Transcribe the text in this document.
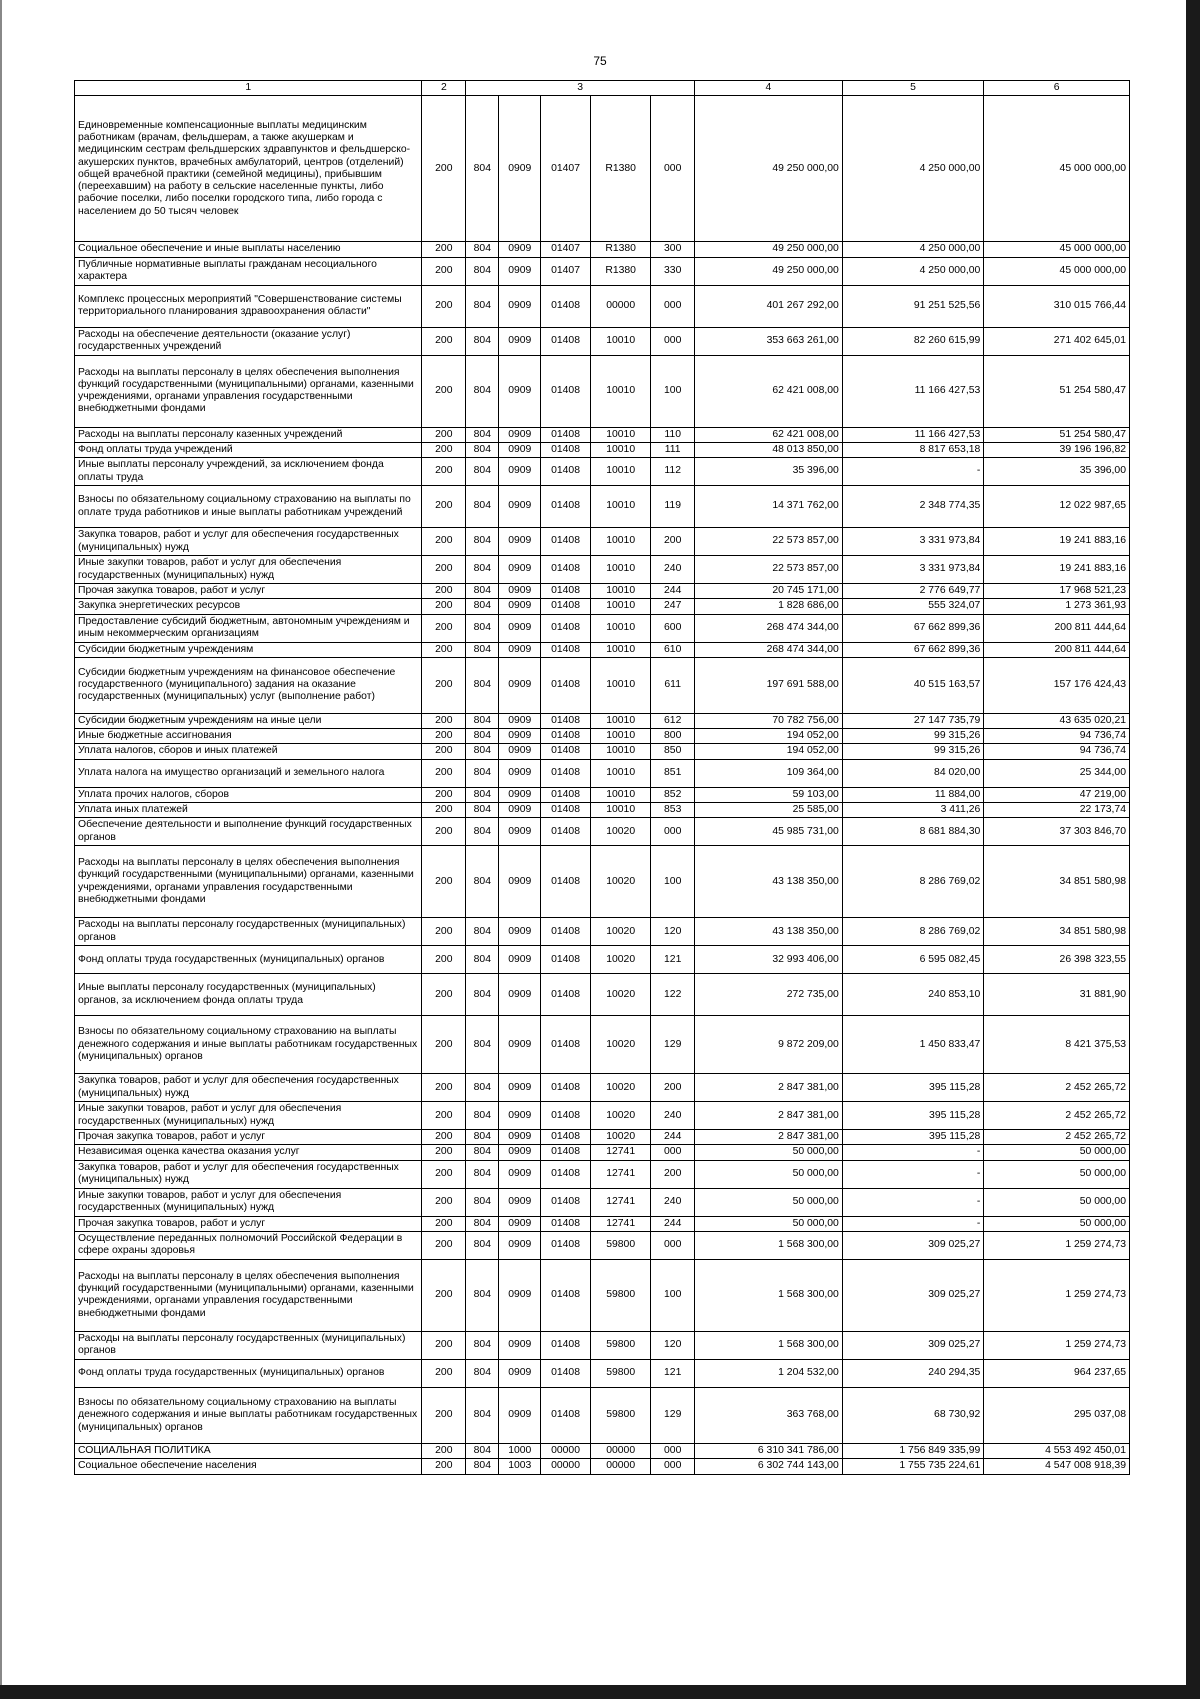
75
1	2	3					4	5	6
Единовременные компенсационные выплаты медицинским работникам (врачам, фельдшерам, а также акушеркам и медицинским сестрам фельдшерских здравпунктов и фельдшерско-акушерских пунктов, врачебных амбулаторий, центров (отделений) общей врачебной практики (семейной медицины), прибывшим (переехавшим) на работу в сельские населенные пункты, либо рабочие поселки, либо поселки городского типа, либо города с населением до 50 тысяч человек	200	804	0909	01407	R1380	000	49 250 000,00	4 250 000,00	45 000 000,00
Социальное обеспечение и иные выплаты населению	200	804	0909	01407	R1380	300	49 250 000,00	4 250 000,00	45 000 000,00
Публичные нормативные выплаты гражданам несоциального характера	200	804	0909	01407	R1380	330	49 250 000,00	4 250 000,00	45 000 000,00
Комплекс процессных мероприятий "Совершенствование системы территориального планирования здравоохранения области"	200	804	0909	01408	00000	000	401 267 292,00	91 251 525,56	310 015 766,44
Расходы на обеспечение деятельности (оказание услуг) государственных учреждений	200	804	0909	01408	10010	000	353 663 261,00	82 260 615,99	271 402 645,01
Расходы на выплаты персоналу в целях обеспечения выполнения функций государственными (муниципальными) органами, казенными учреждениями, органами управления государственными внебюджетными фондами	200	804	0909	01408	10010	100	62 421 008,00	11 166 427,53	51 254 580,47
Расходы на выплаты персоналу казенных учреждений	200	804	0909	01408	10010	110	62 421 008,00	11 166 427,53	51 254 580,47
Фонд оплаты труда учреждений	200	804	0909	01408	10010	111	48 013 850,00	8 817 653,18	39 196 196,82
Иные выплаты персоналу учреждений, за исключением фонда оплаты труда	200	804	0909	01408	10010	112	35 396,00	-	35 396,00
Взносы по обязательному социальному страхованию на выплаты по оплате труда работников и иные выплаты работникам учреждений	200	804	0909	01408	10010	119	14 371 762,00	2 348 774,35	12 022 987,65
Закупка товаров, работ и услуг для обеспечения государственных (муниципальных) нужд	200	804	0909	01408	10010	200	22 573 857,00	3 331 973,84	19 241 883,16
Иные закупки товаров, работ и услуг для обеспечения государственных (муниципальных) нужд	200	804	0909	01408	10010	240	22 573 857,00	3 331 973,84	19 241 883,16
Прочая закупка товаров, работ и услуг	200	804	0909	01408	10010	244	20 745 171,00	2 776 649,77	17 968 521,23
Закупка энергетических ресурсов	200	804	0909	01408	10010	247	1 828 686,00	555 324,07	1 273 361,93
Предоставление субсидий бюджетным, автономным учреждениям и иным некоммерческим организациям	200	804	0909	01408	10010	600	268 474 344,00	67 662 899,36	200 811 444,64
Субсидии бюджетным учреждениям	200	804	0909	01408	10010	610	268 474 344,00	67 662 899,36	200 811 444,64
Субсидии бюджетным учреждениям на финансовое обеспечение государственного (муниципального) задания на оказание государственных (муниципальных) услуг (выполнение работ)	200	804	0909	01408	10010	611	197 691 588,00	40 515 163,57	157 176 424,43
Субсидии бюджетным учреждениям на иные цели	200	804	0909	01408	10010	612	70 782 756,00	27 147 735,79	43 635 020,21
Иные бюджетные ассигнования	200	804	0909	01408	10010	800	194 052,00	99 315,26	94 736,74
Уплата налогов, сборов и иных платежей	200	804	0909	01408	10010	850	194 052,00	99 315,26	94 736,74
Уплата налога на имущество организаций и земельного налога	200	804	0909	01408	10010	851	109 364,00	84 020,00	25 344,00
Уплата прочих налогов, сборов	200	804	0909	01408	10010	852	59 103,00	11 884,00	47 219,00
Уплата иных платежей	200	804	0909	01408	10010	853	25 585,00	3 411,26	22 173,74
Обеспечение деятельности и выполнение функций государственных органов	200	804	0909	01408	10020	000	45 985 731,00	8 681 884,30	37 303 846,70
Расходы на выплаты персоналу в целях обеспечения выполнения функций государственными (муниципальными) органами, казенными учреждениями, органами управления государственными внебюджетными фондами	200	804	0909	01408	10020	100	43 138 350,00	8 286 769,02	34 851 580,98
Расходы на выплаты персоналу государственных (муниципальных) органов	200	804	0909	01408	10020	120	43 138 350,00	8 286 769,02	34 851 580,98
Фонд оплаты труда государственных (муниципальных) органов	200	804	0909	01408	10020	121	32 993 406,00	6 595 082,45	26 398 323,55
Иные выплаты персоналу государственных (муниципальных) органов, за исключением фонда оплаты труда	200	804	0909	01408	10020	122	272 735,00	240 853,10	31 881,90
Взносы по обязательному социальному страхованию на выплаты денежного содержания и иные выплаты работникам государственных (муниципальных) органов	200	804	0909	01408	10020	129	9 872 209,00	1 450 833,47	8 421 375,53
Закупка товаров, работ и услуг для обеспечения государственных (муниципальных) нужд	200	804	0909	01408	10020	200	2 847 381,00	395 115,28	2 452 265,72
Иные закупки товаров, работ и услуг для обеспечения государственных (муниципальных) нужд	200	804	0909	01408	10020	240	2 847 381,00	395 115,28	2 452 265,72
Прочая закупка товаров, работ и услуг	200	804	0909	01408	10020	244	2 847 381,00	395 115,28	2 452 265,72
Независимая оценка качества оказания услуг	200	804	0909	01408	12741	000	50 000,00	-	50 000,00
Закупка товаров, работ и услуг для обеспечения государственных (муниципальных) нужд	200	804	0909	01408	12741	200	50 000,00	-	50 000,00
Иные закупки товаров, работ и услуг для обеспечения государственных (муниципальных) нужд	200	804	0909	01408	12741	240	50 000,00	-	50 000,00
Прочая закупка товаров, работ и услуг	200	804	0909	01408	12741	244	50 000,00	-	50 000,00
Осуществление переданных полномочий Российской Федерации в сфере охраны здоровья	200	804	0909	01408	59800	000	1 568 300,00	309 025,27	1 259 274,73
Расходы на выплаты персоналу в целях обеспечения выполнения функций государственными (муниципальными) органами, казенными учреждениями, органами управления государственными внебюджетными фондами	200	804	0909	01408	59800	100	1 568 300,00	309 025,27	1 259 274,73
Расходы на выплаты персоналу государственных (муниципальных) органов	200	804	0909	01408	59800	120	1 568 300,00	309 025,27	1 259 274,73
Фонд оплаты труда государственных (муниципальных) органов	200	804	0909	01408	59800	121	1 204 532,00	240 294,35	964 237,65
Взносы по обязательному социальному страхованию на выплаты денежного содержания и иные выплаты работникам государственных (муниципальных) органов	200	804	0909	01408	59800	129	363 768,00	68 730,92	295 037,08
СОЦИАЛЬНАЯ ПОЛИТИКА	200	804	1000	00000	00000	000	6 310 341 786,00	1 756 849 335,99	4 553 492 450,01
Социальное обеспечение населения	200	804	1003	00000	00000	000	6 302 744 143,00	1 755 735 224,61	4 547 008 918,39
